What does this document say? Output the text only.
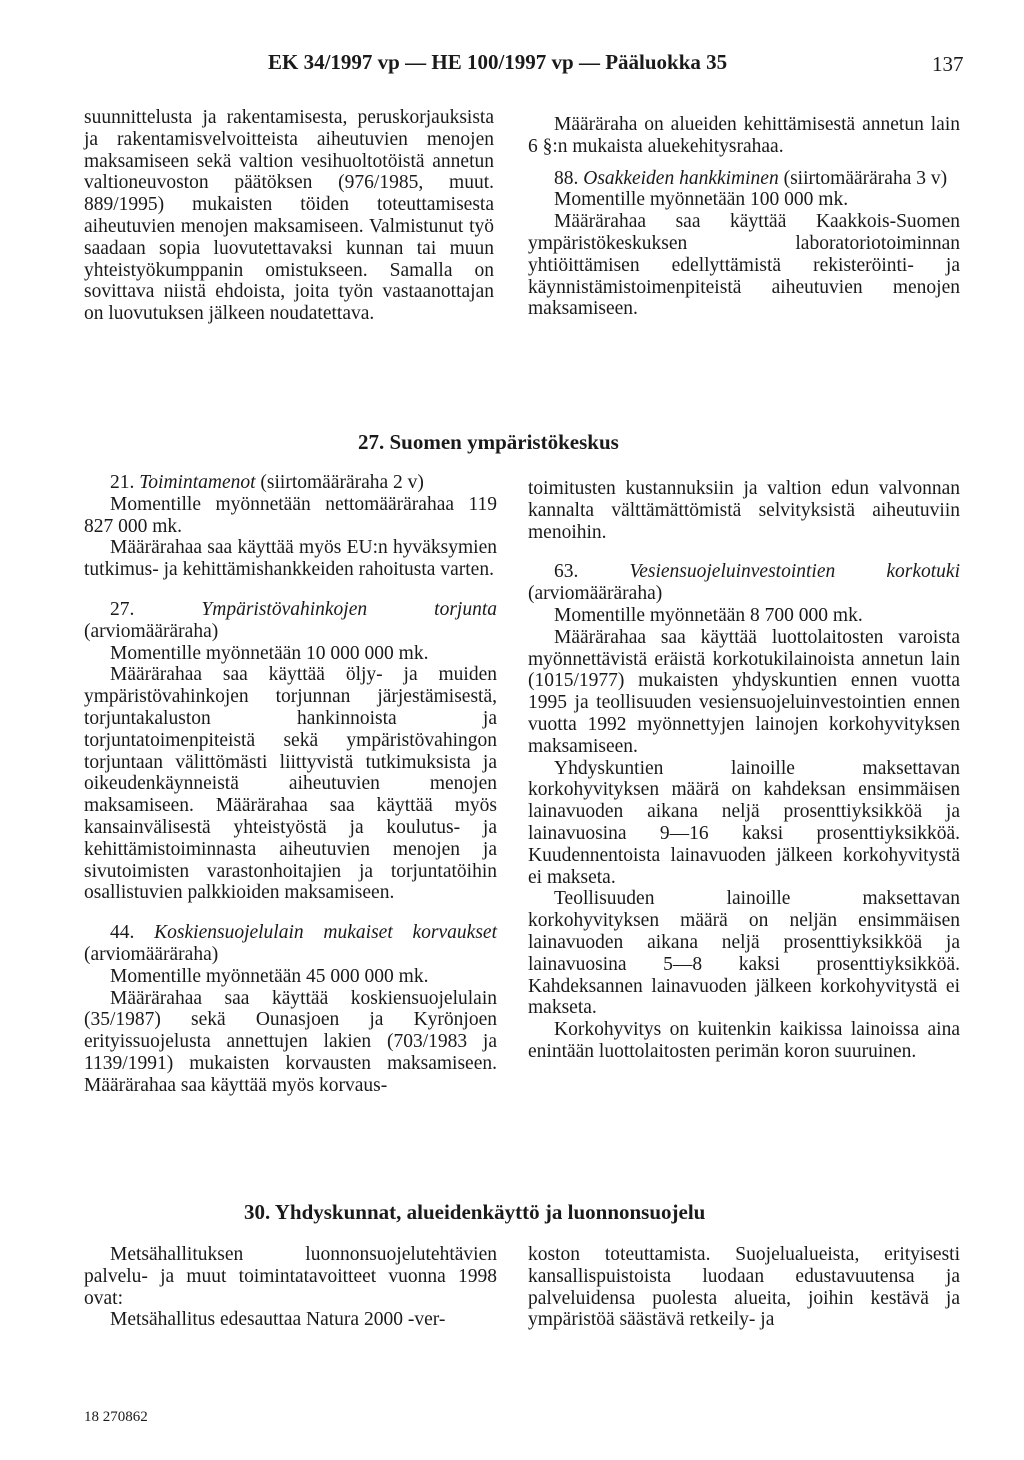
EK 34/1997 vp — HE 100/1997 vp — Pääluokka 35	137

suunnittelusta ja rakentamisesta, peruskorjauksista ja rakentamisvelvoitteista aiheutuvien menojen maksamiseen sekä valtion vesihuoltotöistä annetun valtioneuvoston päätöksen (976/1985, muut. 889/1995) mukaisten töiden toteuttamisesta aiheutuvien menojen maksamiseen. Valmistunut työ saadaan sopia luovutettavaksi kunnan tai muun yhteistyökumppanin omistukseen. Samalla on sovittava niistä ehdoista, joita työn vastaanottajan on luovutuksen jälkeen noudatettava.

Määräraha on alueiden kehittämisestä annetun lain 6 §:n mukaista aluekehitysrahaa.

88. Osakkeiden hankkiminen (siirtomääräraha 3 v)

Momentille myönnetään 100 000 mk.

Määrärahaa saa käyttää Kaakkois-Suomen ympäristökeskuksen laboratoriotoiminnan yhtiöittämisen edellyttämistä rekisteröinti- ja käynnistämistoimenpiteistä aiheutuvien menojen maksamiseen.

27. Suomen ympäristökeskus

21. Toimintamenot (siirtomääräraha 2 v)

Momentille myönnetään nettomäärärahaa 119 827 000 mk.

Määrärahaa saa käyttää myös EU:n hyväksymien tutkimus- ja kehittämishankkeiden rahoitusta varten.

27.	Ympäristövahinkojen torjunta (arviomääräraha)

Momentille myönnetään 10 000 000 mk.

Määrärahaa saa käyttää öljy- ja muiden ympäristövahinkojen torjunnan järjestämisestä, torjuntakaluston hankinnoista ja torjuntatoimenpiteistä sekä ympäristövahingon torjuntaan välittömästi liittyvistä tutkimuksista ja oikeudenkäynneistä aiheutuvien menojen maksamiseen. Määrärahaa saa käyttää myös kansainvälisestä yhteistyöstä ja koulutus- ja kehittämistoiminnasta aiheutuvien menojen ja sivutoimisten varastonhoitajien ja torjuntatöihin osallistuvien palkkioiden maksamiseen.

44. Koskiensuojelulain mukaiset korvaukset (arviomääräraha)

Momentille myönnetään 45 000 000 mk.

Määrärahaa saa käyttää koskiensuojelulain (35/1987) sekä Ounasjoen ja Kyrönjoen erityissuojelusta annettujen lakien (703/1983 ja 1139/1991) mukaisten korvausten maksamiseen. Määrärahaa saa käyttää myös korvaus-

toimitusten kustannuksiin ja valtion edun valvonnan kannalta välttämättömistä selvityksistä aiheutuviin menoihin.

63.	Vesiensuojeluinvestointien korkotuki (arviomääräraha)

Momentille myönnetään 8 700 000 mk.

Määrärahaa saa käyttää luottolaitosten varoista myönnettävistä eräistä korkotukilainoista annetun lain (1015/1977) mukaisten yhdyskuntien ennen vuotta 1995 ja teollisuuden vesiensuojeluinvestointien ennen vuotta 1992 myönnettyjen lainojen korkohyvityksen maksamiseen.

Yhdyskuntien lainoille maksettavan korkohyvityksen määrä on kahdeksan ensimmäisen lainavuoden aikana neljä prosenttiyksikköä ja lainavuosina 9—16 kaksi prosenttiyksikköä. Kuudennentoista lainavuoden jälkeen korkohyvitystä ei makseta.

Teollisuuden lainoille maksettavan korkohyvityksen määrä on neljän ensimmäisen lainavuoden aikana neljä prosenttiyksikköä ja lainavuosina 5—8 kaksi prosenttiyksikköä. Kahdeksannen lainavuoden jälkeen korkohyvitystä ei makseta.

Korkohyvitys on kuitenkin kaikissa lainoissa aina enintään luottolaitosten perimän koron suuruinen.

30. Yhdyskunnat, alueidenkäyttö ja luonnonsuojelu

Metsähallituksen luonnonsuojelutehtävien palvelu- ja muut toimintatavoitteet vuonna 1998 ovat:

Metsähallitus edesauttaa Natura 2000 -ver-

koston toteuttamista. Suojelualueista, erityisesti kansallispuistoista luodaan edustavuutensa ja palveluidensa puolesta alueita, joihin kestävä ja ympäristöä säästävä retkeily- ja

18 270862
